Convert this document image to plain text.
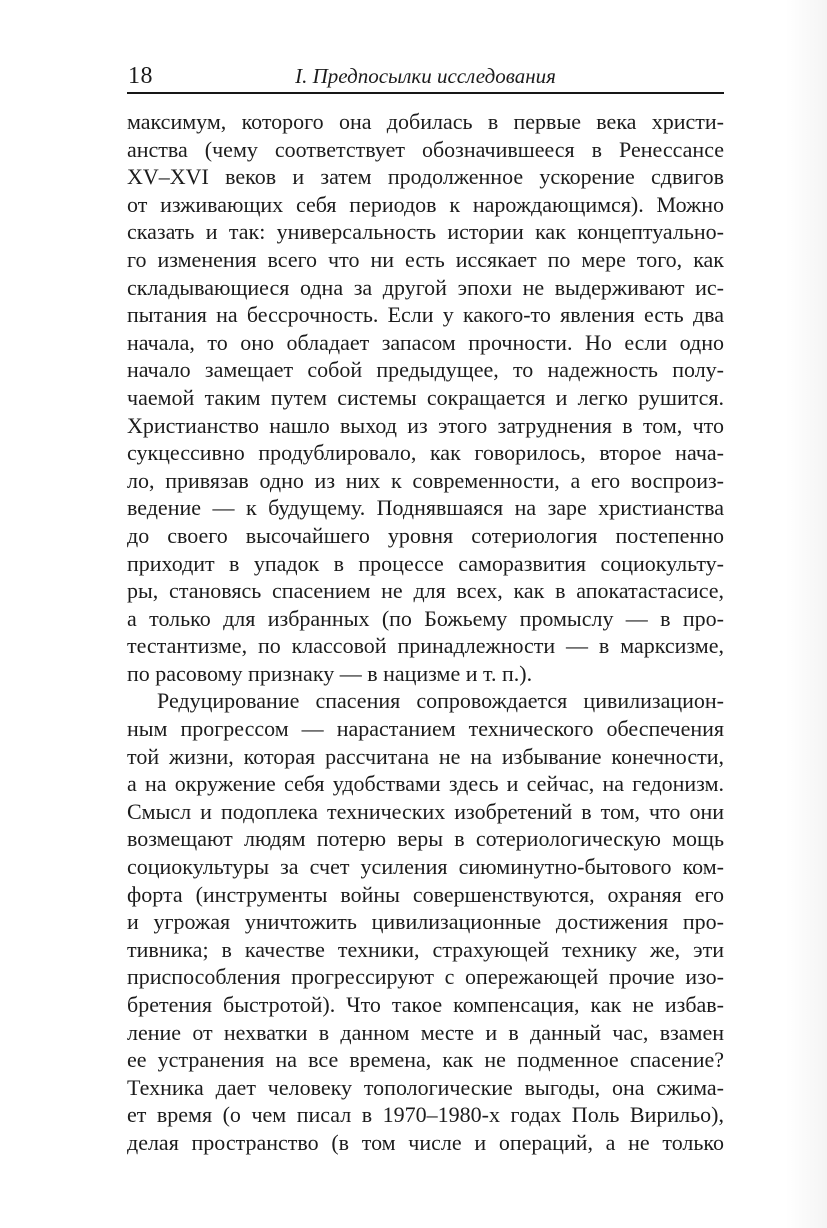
18	I. Предпосылки исследования
максимум, которого она добилась в первые века христи-
анства (чему соответствует обозначившееся в Ренессансе
XV–XVI веков и затем продолженное ускорение сдвигов
от изживающих себя периодов к нарождающимся). Можно
сказать и так: универсальность истории как концептуально-
го изменения всего что ни есть иссякает по мере того, как
складывающиеся одна за другой эпохи не выдерживают ис-
пытания на бессрочность. Если у какого-то явления есть два
начала, то оно обладает запасом прочности. Но если одно
начало замещает собой предыдущее, то надежность полу-
чаемой таким путем системы сокращается и легко рушится.
Христианство нашло выход из этого затруднения в том, что
сукцессивно продублировало, как говорилось, второе нача-
ло, привязав одно из них к современности, а его воспроиз-
ведение — к будущему. Поднявшаяся на заре христианства
до своего высочайшего уровня сотериология постепенно
приходит в упадок в процессе саморазвития социокульту-
ры, становясь спасением не для всех, как в апокатастасисе,
а только для избранных (по Божьему промыслу — в про-
тестантизме, по классовой принадлежности — в марксизме,
по расовому признаку — в нацизме и т. п.).
Редуцирование спасения сопровождается цивилизацион-
ным прогрессом — нарастанием технического обеспечения
той жизни, которая рассчитана не на избывание конечности,
а на окружение себя удобствами здесь и сейчас, на гедонизм.
Смысл и подоплека технических изобретений в том, что они
возмещают людям потерю веры в сотериологическую мощь
социокультуры за счет усиления сиюминутно-бытового ком-
форта (инструменты войны совершенствуются, охраняя его
и угрожая уничтожить цивилизационные достижения про-
тивника; в качестве техники, страхующей технику же, эти
приспособления прогрессируют с опережающей прочие изо-
бретения быстротой). Что такое компенсация, как не избав-
ление от нехватки в данном месте и в данный час, взамен
ее устранения на все времена, как не подменное спасение?
Техника дает человеку топологические выгоды, она сжима-
ет время (о чем писал в 1970–1980-х годах Поль Вирильо),
делая пространство (в том числе и операций, а не только
